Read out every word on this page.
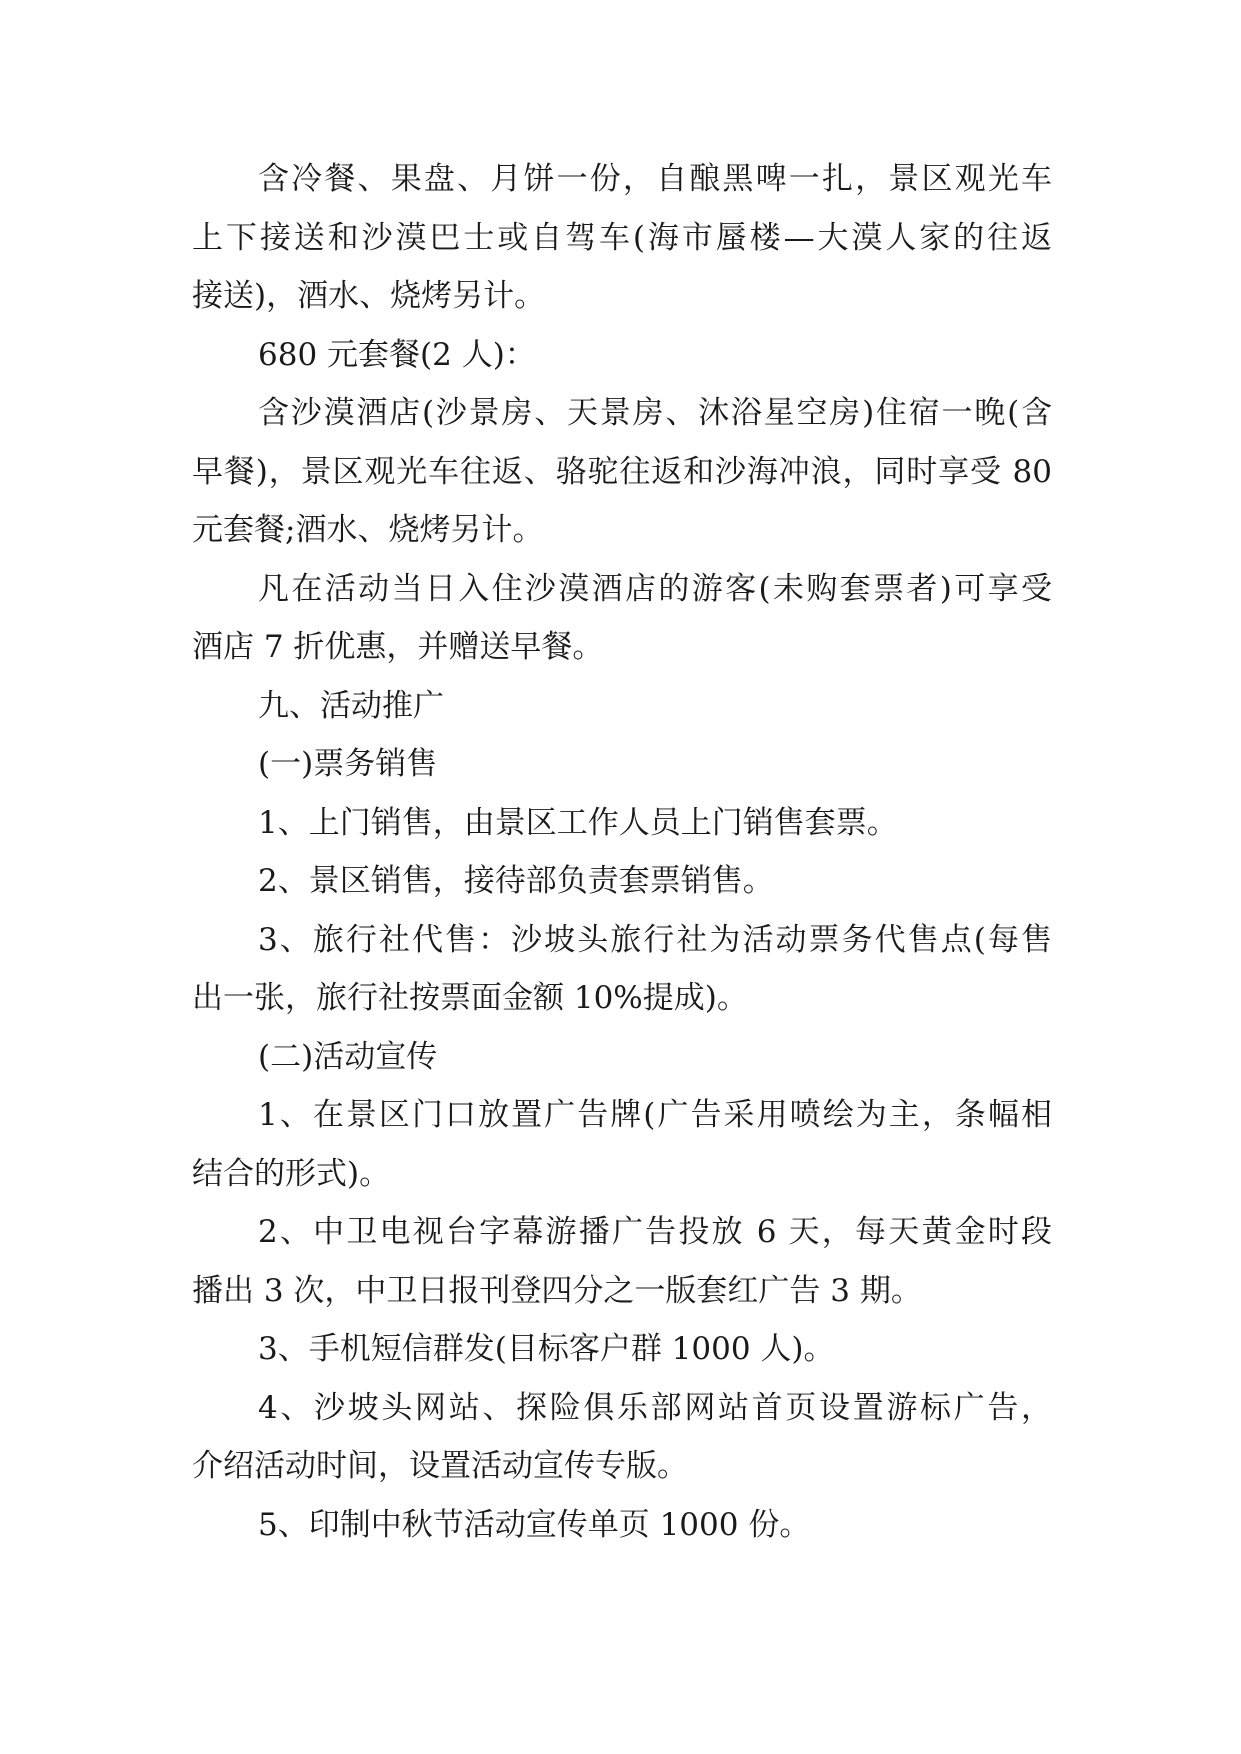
含冷餐、果盘、月饼一份，自酿黑啤一扎，景区观光车
上下接送和沙漠巴士或自驾车(海市蜃楼—大漠人家的往返
接送)，酒水、烧烤另计。
680 元套餐(2 人)：
含沙漠酒店(沙景房、天景房、沐浴星空房)住宿一晚(含
早餐)，景区观光车往返、骆驼往返和沙海冲浪，同时享受 80
元套餐;酒水、烧烤另计。
凡在活动当日入住沙漠酒店的游客(未购套票者)可享受
酒店 7 折优惠，并赠送早餐。
九、活动推广
(一)票务销售
1、上门销售，由景区工作人员上门销售套票。
2、景区销售，接待部负责套票销售。
3、旅行社代售：沙坡头旅行社为活动票务代售点(每售
出一张，旅行社按票面金额 10%提成)。
(二)活动宣传
1、在景区门口放置广告牌(广告采用喷绘为主，条幅相
结合的形式)。
2、中卫电视台字幕游播广告投放 6 天，每天黄金时段
播出 3 次，中卫日报刊登四分之一版套红广告 3 期。
3、手机短信群发(目标客户群 1000 人)。
4、沙坡头网站、探险俱乐部网站首页设置游标广告，
介绍活动时间，设置活动宣传专版。
5、印制中秋节活动宣传单页 1000 份。
